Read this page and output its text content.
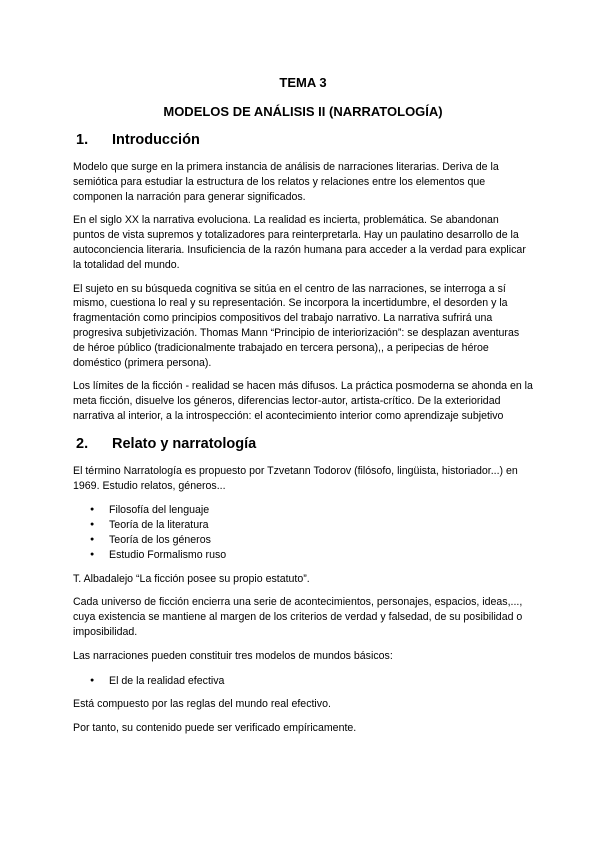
TEMA 3

MODELOS DE ANÁLISIS II (NARRATOLOGÍA)

1. Introducción

Modelo que surge en la primera instancia de análisis de narraciones literarias. Deriva de la semiótica para estudiar la estructura de los relatos y relaciones entre los elementos que componen la narración para generar significados.

En el siglo XX la narrativa evoluciona. La realidad es incierta, problemática. Se abandonan puntos de vista supremos y totalizadores para reinterpretarla. Hay un paulatino desarrollo de la autoconciencia literaria. Insuficiencia de la razón humana para acceder a la verdad para explicar la totalidad del mundo.

El sujeto en su búsqueda cognitiva se sitúa en el centro de las narraciones, se interroga a sí mismo, cuestiona lo real y su representación. Se incorpora la incertidumbre, el desorden y la fragmentación como principios compositivos del trabajo narrativo. La narrativa sufrirá una progresiva subjetivización. Thomas Mann “Principio de interiorización”: se desplazan aventuras de héroe público (tradicionalmente trabajado en tercera persona),, a peripecias de héroe doméstico (primera persona).

Los límites de la ficción - realidad se hacen más difusos. La práctica posmoderna se ahonda en la meta ficción, disuelve los géneros, diferencias lector-autor, artista-crítico. De la exterioridad narrativa al interior, a la introspección: el acontecimiento interior como aprendizaje subjetivo

2. Relato y narratología

El término Narratología es propuesto por Tzvetann Todorov (filósofo, lingüista, historiador...) en 1969. Estudio relatos, géneros...

● Filosofía del lenguaje
● Teoría de la literatura
● Teoría de los géneros
● Estudio Formalismo ruso

T. Albadalejo “La ficción posee su propio estatuto”.

Cada universo de ficción encierra una serie de acontecimientos, personajes, espacios, ideas,..., cuya existencia se mantiene al margen de los criterios de verdad y falsedad, de su posibilidad o imposibilidad.

Las narraciones pueden constituir tres modelos de mundos básicos:

● El de la realidad efectiva

Está compuesto por las reglas del mundo real efectivo.

Por tanto, su contenido puede ser verificado empíricamente.
